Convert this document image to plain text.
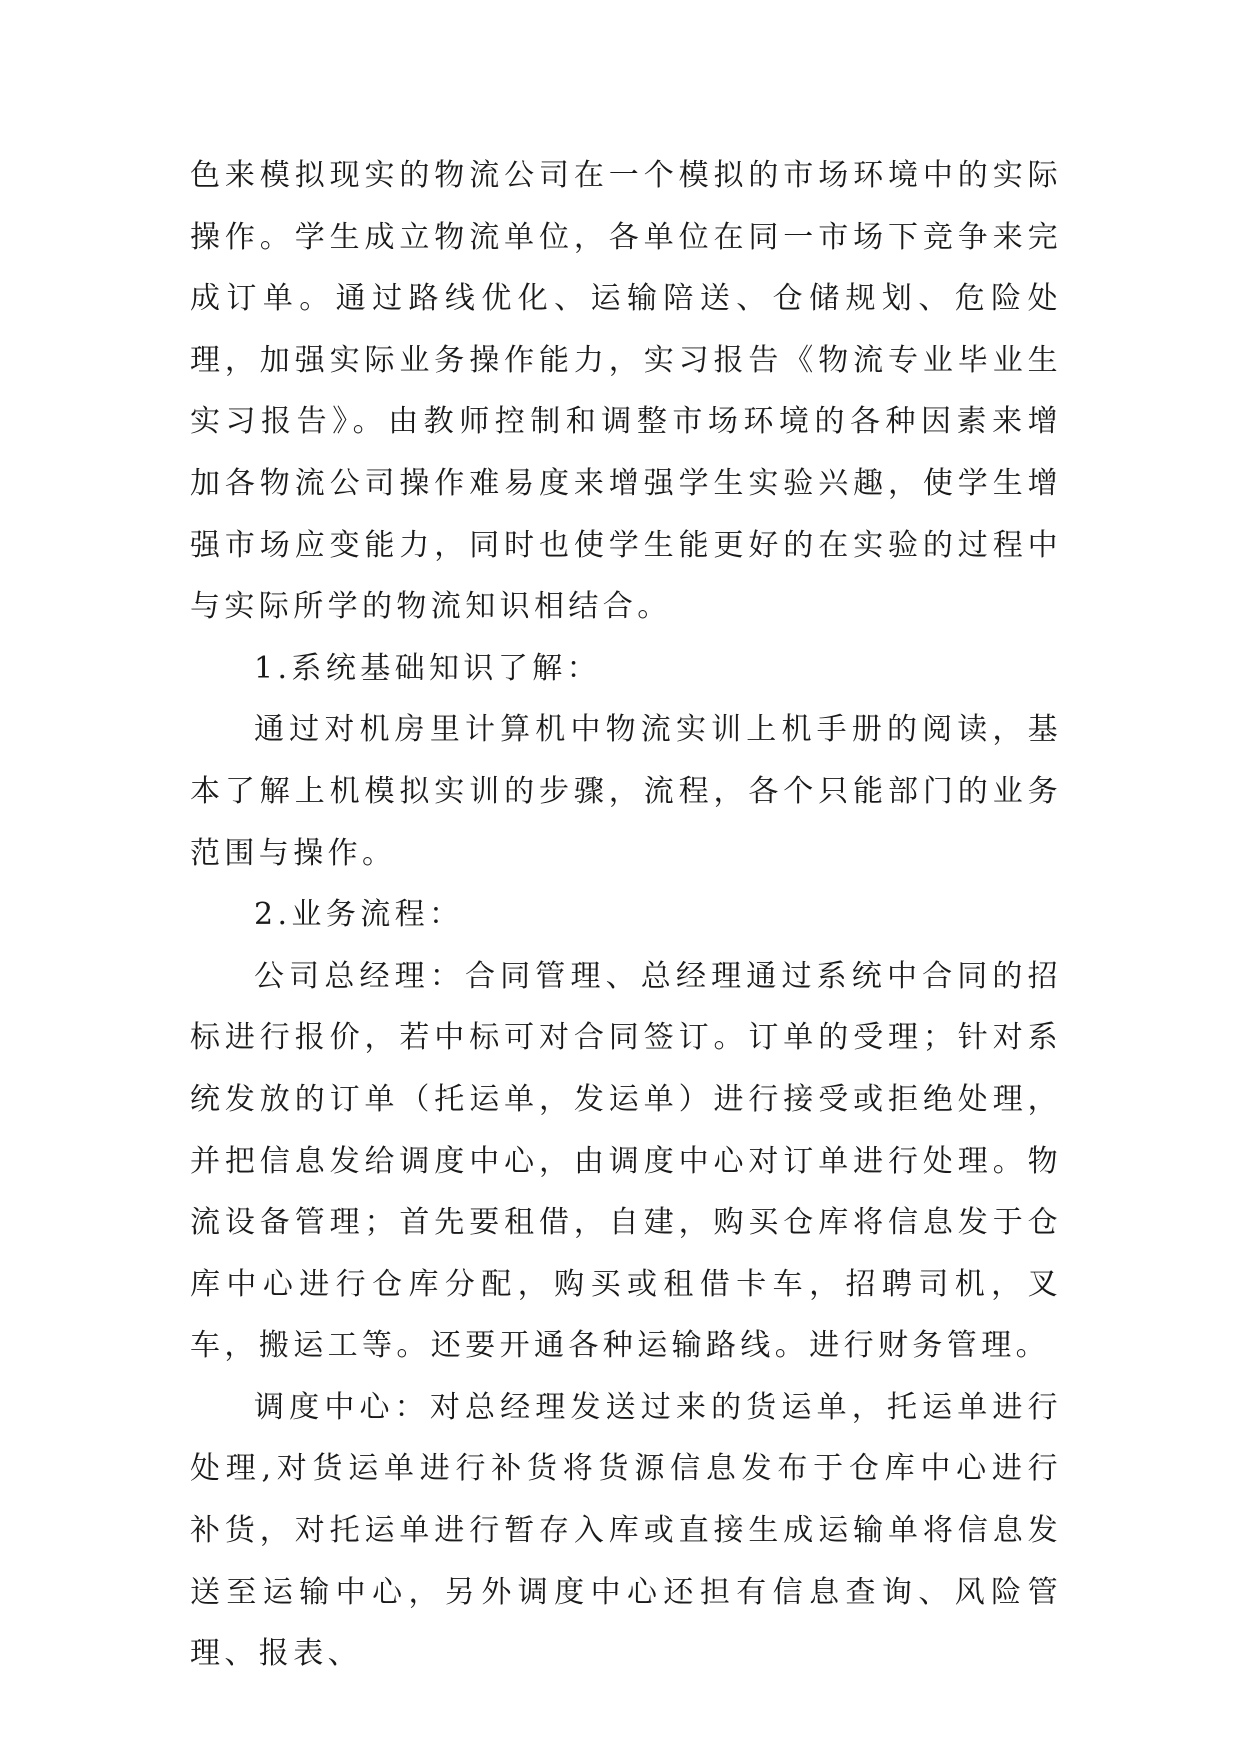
色来模拟现实的物流公司在一个模拟的市场环境中的实际操作。学生成立物流单位，各单位在同一市场下竞争来完成订单。通过路线优化、运输陪送、仓储规划、危险处理，加强实际业务操作能力，实习报告《物流专业毕业生实习报告》。由教师控制和调整市场环境的各种因素来增加各物流公司操作难易度来增强学生实验兴趣，使学生增强市场应变能力，同时也使学生能更好的在实验的过程中与实际所学的物流知识相结合。

1.系统基础知识了解：

通过对机房里计算机中物流实训上机手册的阅读，基本了解上机模拟实训的步骤，流程，各个只能部门的业务范围与操作。

2.业务流程：

公司总经理：合同管理、总经理通过系统中合同的招标进行报价，若中标可对合同签订。订单的受理；针对系统发放的订单（托运单，发运单）进行接受或拒绝处理，并把信息发给调度中心，由调度中心对订单进行处理。物流设备管理；首先要租借，自建，购买仓库将信息发于仓库中心进行仓库分配，购买或租借卡车，招聘司机，叉车，搬运工等。还要开通各种运输路线。进行财务管理。

调度中心：对总经理发送过来的货运单，托运单进行处理,对货运单进行补货将货源信息发布于仓库中心进行补货，对托运单进行暂存入库或直接生成运输单将信息发送至运输中心，另外调度中心还担有信息查询、风险管理、报表、
